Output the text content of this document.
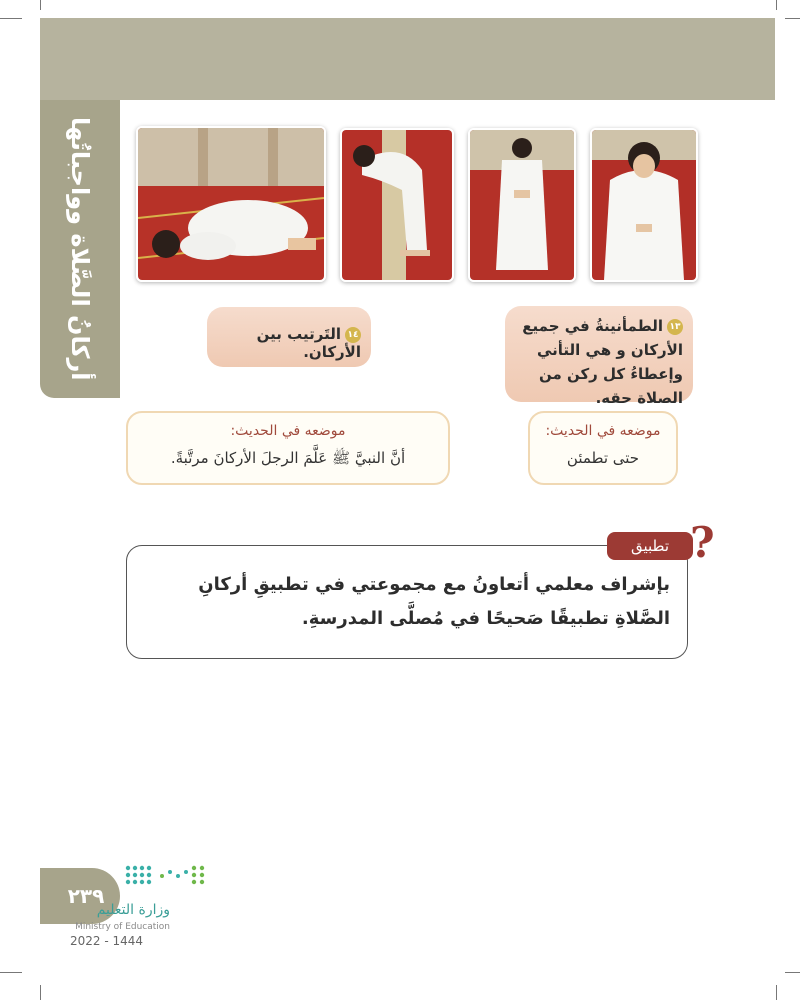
أركانُ الصَّلاة وواجباتُها	١٣الطمأنينةُ في جميع الأركان و هي التأني وإعطاءُ كل ركن من الصلاة حقه.
١٤التَرتيب بين الأركان.
موضعه في الحديث:
حتى تطمئن
موضعه في الحديث:
أنَّ النبيَّ ﷺ عَلَّمَ الرجلَ الأركانَ مرتَّبةً.
تطبيق ?
بإشراف معلمي أتعاونُ مع مجموعتي في تطبيقِ أركانِ الصَّلاةِ تطبيقًا صَحيحًا في مُصلَّى المدرسةِ.
٢٣٩
وزارة التعليم
Ministry of Education
2022 - 1444
